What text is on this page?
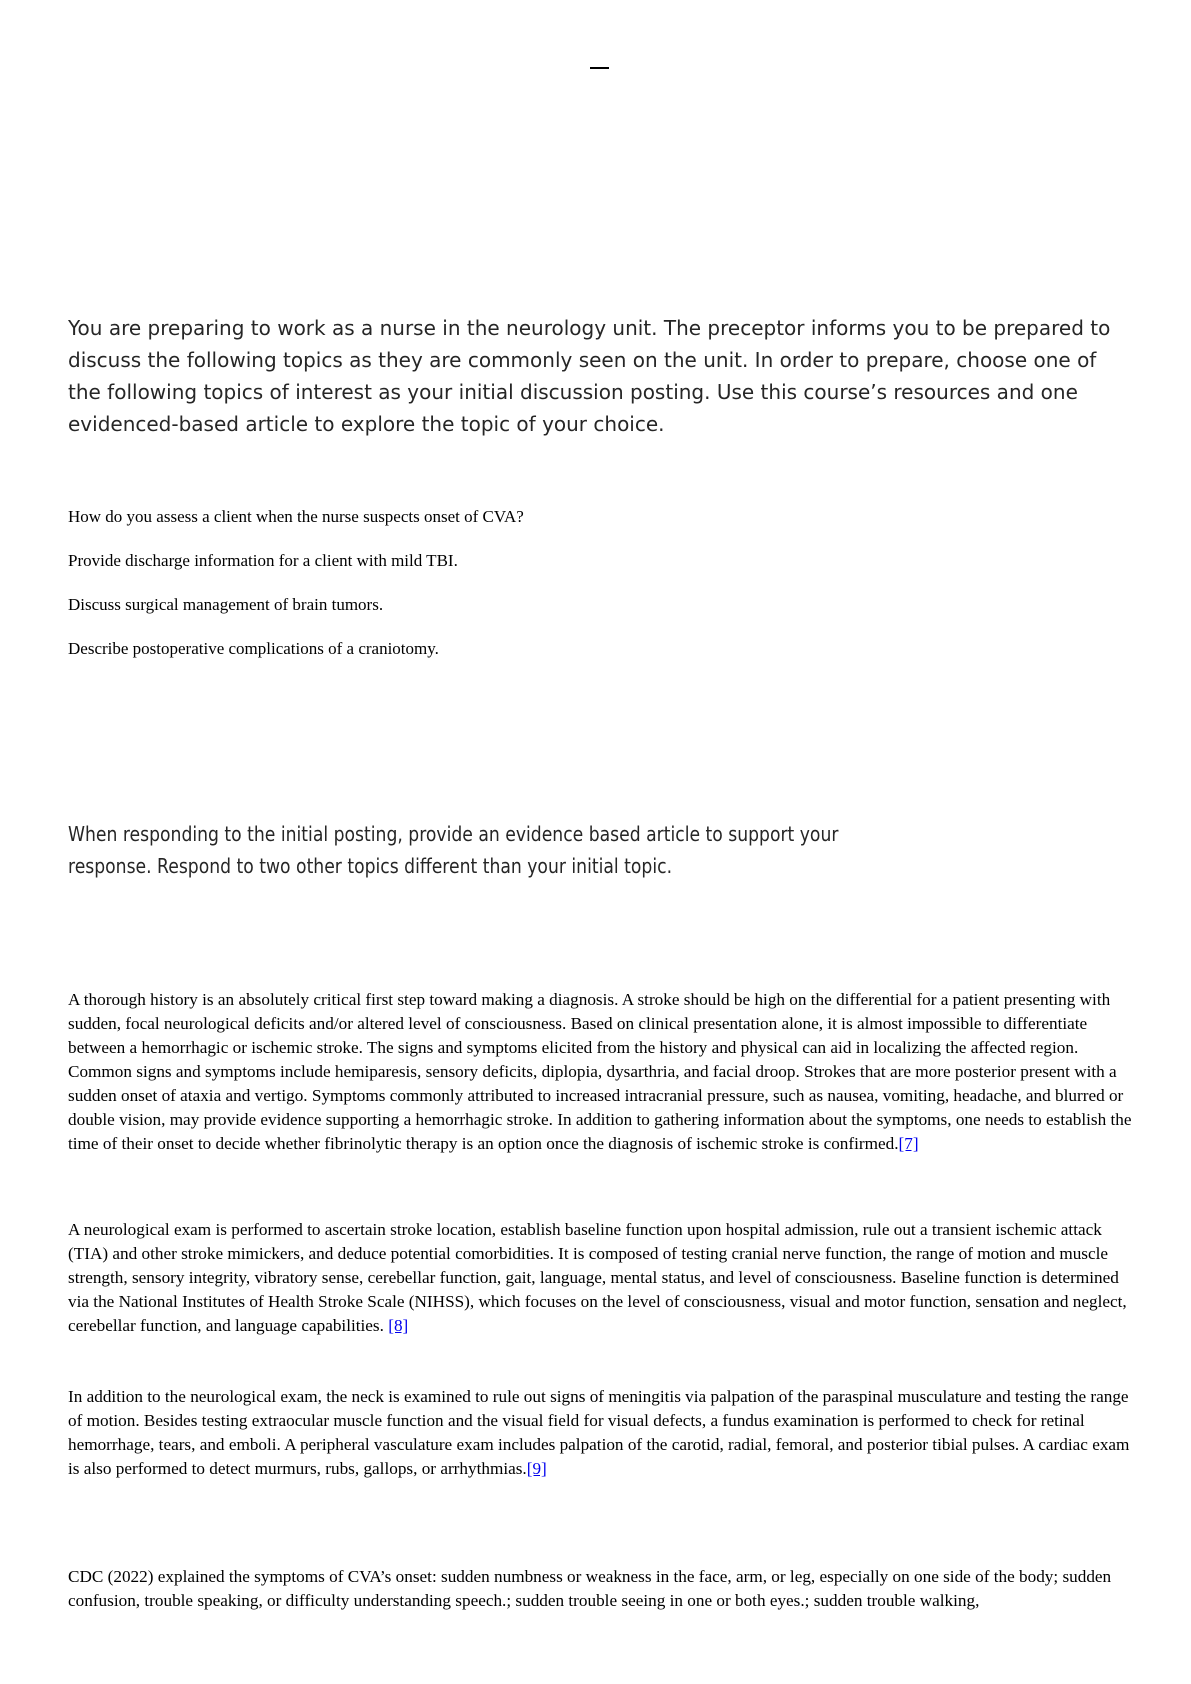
You are preparing to work as a nurse in the neurology unit. The preceptor informs you to be prepared to discuss the following topics as they are commonly seen on the unit. In order to prepare, choose one of the following topics of interest as your initial discussion posting. Use this course’s resources and one evidenced-based article to explore the topic of your choice.

How do you assess a client when the nurse suspects onset of CVA?

Provide discharge information for a client with mild TBI.

Discuss surgical management of brain tumors.

Describe postoperative complications of a craniotomy.

When responding to the initial posting, provide an evidence based article to support your
response. Respond to two other topics different than your initial topic.

A thorough history is an absolutely critical first step toward making a diagnosis. A stroke should be high on the differential for a patient presenting with sudden, focal neurological deficits and/or altered level of consciousness. Based on clinical presentation alone, it is almost impossible to differentiate between a hemorrhagic or ischemic stroke. The signs and symptoms elicited from the history and physical can aid in localizing the affected region. Common signs and symptoms include hemiparesis, sensory deficits, diplopia, dysarthria, and facial droop. Strokes that are more posterior present with a sudden onset of ataxia and vertigo. Symptoms commonly attributed to increased intracranial pressure, such as nausea, vomiting, headache, and blurred or double vision, may provide evidence supporting a hemorrhagic stroke. In addition to gathering information about the symptoms, one needs to establish the time of their onset to decide whether fibrinolytic therapy is an option once the diagnosis of ischemic stroke is confirmed.[7]

A neurological exam is performed to ascertain stroke location, establish baseline function upon hospital admission, rule out a transient ischemic attack (TIA) and other stroke mimickers, and deduce potential comorbidities. It is composed of testing cranial nerve function, the range of motion and muscle strength, sensory integrity, vibratory sense, cerebellar function, gait, language, mental status, and level of consciousness. Baseline function is determined via the National Institutes of Health Stroke Scale (NIHSS), which focuses on the level of consciousness, visual and motor function, sensation and neglect, cerebellar function, and language capabilities. [8]

In addition to the neurological exam, the neck is examined to rule out signs of meningitis via palpation of the paraspinal musculature and testing the range of motion. Besides testing extraocular muscle function and the visual field for visual defects, a fundus examination is performed to check for retinal hemorrhage, tears, and emboli. A peripheral vasculature exam includes palpation of the carotid, radial, femoral, and posterior tibial pulses. A cardiac exam is also performed to detect murmurs, rubs, gallops, or arrhythmias.[9]

CDC (2022) explained the symptoms of CVA’s onset: sudden numbness or weakness in the face, arm, or leg, especially on one side of the body; sudden confusion, trouble speaking, or difficulty understanding speech.; sudden trouble seeing in one or both eyes.; sudden trouble walking,
